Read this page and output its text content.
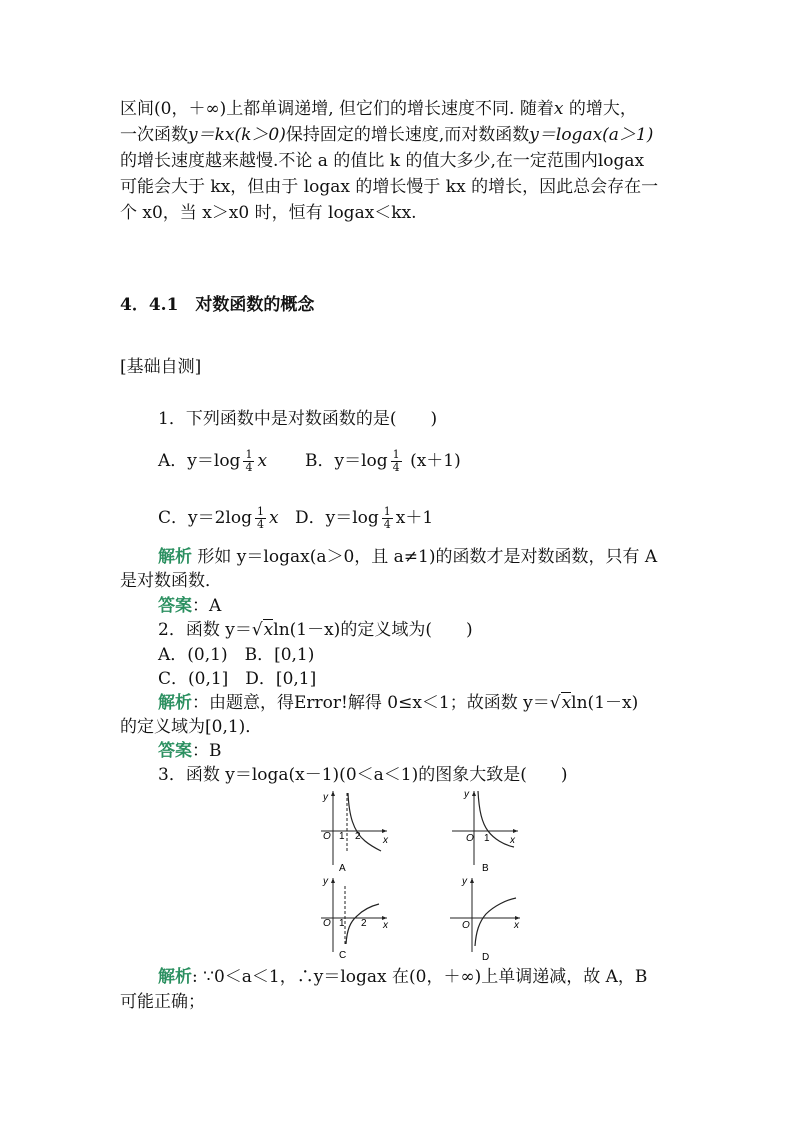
区间(0，＋∞)上都单调递增, 但它们的增长速度不同. 随着x 的增大，
一次函数y＝kx(k＞0)保持固定的增长速度,而对数函数y＝logax(a＞1)
的增长速度越来越慢.不论 a 的值比 k 的值大多少,在一定范围内logax
可能会大于 kx，但由于 logax 的增长慢于 kx 的增长，因此总会存在一
个 x0，当 x＞x0 时，恒有 logax＜kx.
4．4.1　对数函数的概念
[基础自测]
1．下列函数中是对数函数的是(　　)
A．$y=\log \frac{1}{4}$ x B．$y=\log \frac{1}{4} (x+1)$
C．$y=2\log \frac{1}{4}$ x D．$y=\log \frac{1}{4} x+1$
解析 形如 y＝logax(a＞0，且 a≠1)的函数才是对数函数，只有 A
是对数函数．
答案：A
2．函数 y＝√xln(1－x)的定义域为(　　)
A．(0,1)　B．[0,1)
C．(0,1]　D．[0,1]
解析：由题意，得Error!解得 0≤x＜1；故函数 y＝√xln(1－x)
的定义域为[0,1)．
答案：B
3．函数 y＝loga(x－1)(0＜a＜1)的图象大致是(　　)
y
x
O 1 2
A
y
x
O 1
B
y
x
O 1 2
C
y
x
O
D
解析: ∵0＜a＜1，∴y＝logax 在(0，＋∞)上单调递减，故 A，B
可能正确；
